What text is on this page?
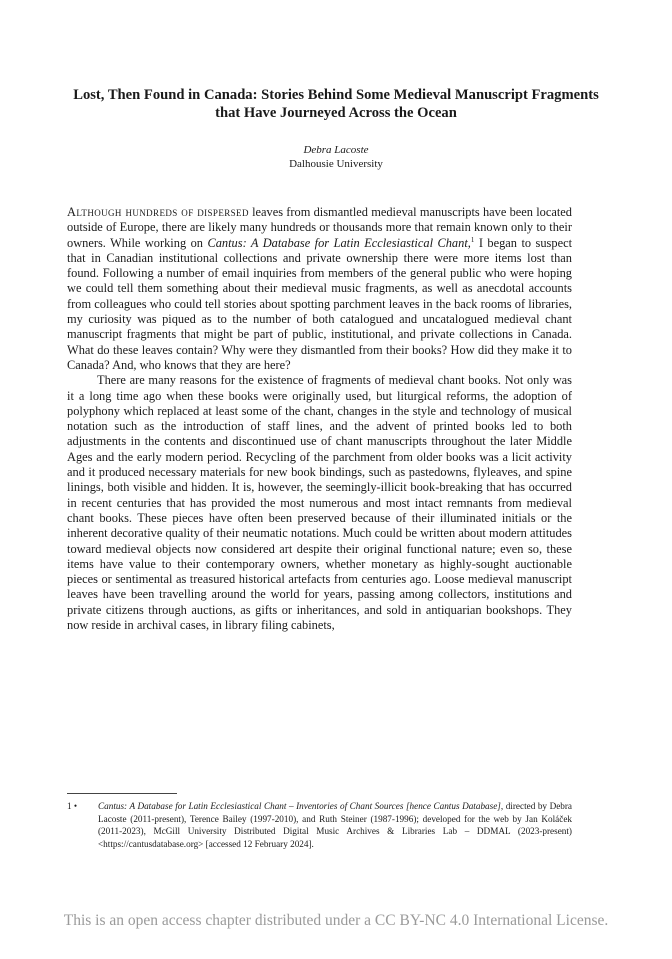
Lost, Then Found in Canada: Stories Behind Some Medieval Manuscript Fragments that Have Journeyed Across the Ocean
Debra Lacoste
Dalhousie University

Although hundreds of dispersed leaves from dismantled medieval manuscripts have been located outside of Europe, there are likely many hundreds or thousands more that remain known only to their owners. While working on Cantus: A Database for Latin Ecclesiastical Chant,$^1$ I began to suspect that in Canadian institutional collections and private ownership there were more items lost than found. Following a number of email inquiries from members of the general public who were hoping we could tell them something about their medieval music fragments, as well as anecdotal accounts from colleagues who could tell stories about spotting parchment leaves in the back rooms of libraries, my curiosity was piqued as to the number of both catalogued and uncatalogued medieval chant manuscript fragments that might be part of public, institutional, and private collections in Canada. What do these leaves contain? Why were they dismantled from their books? How did they make it to Canada? And, who knows that they are here?

There are many reasons for the existence of fragments of medieval chant books. Not only was it a long time ago when these books were originally used, but liturgical reforms, the adoption of polyphony which replaced at least some of the chant, changes in the style and technology of musical notation such as the introduction of staff lines, and the advent of printed books led to both adjustments in the contents and discontinued use of chant manuscripts throughout the later Middle Ages and the early modern period. Recycling of the parchment from older books was a licit activity and it produced necessary materials for new book bindings, such as pastedowns, flyleaves, and spine linings, both visible and hidden. It is, however, the seemingly-illicit book-breaking that has occurred in recent centuries that has provided the most numerous and most intact remnants from medieval chant books. These pieces have often been preserved because of their illuminated initials or the inherent decorative quality of their neumatic notations. Much could be written about modern attitudes toward medieval objects now considered art despite their original functional nature; even so, these items have value to their contemporary owners, whether monetary as highly-sought auctionable pieces or sentimental as treasured historical artefacts from centuries ago. Loose medieval manuscript leaves have been travelling around the world for years, passing among collectors, institutions and private citizens through auctions, as gifts or inheritances, and sold in antiquarian bookshops. They now reside in archival cases, in library filing cabinets,

1 •	Cantus: A Database for Latin Ecclesiastical Chant – Inventories of Chant Sources [hence Cantus Database], directed by Debra Lacoste (2011-present), Terence Bailey (1997-2010), and Ruth Steiner (1987-1996); developed for the web by Jan Koláček (2011-2023), McGill University Distributed Digital Music Archives & Libraries Lab – DDMAL (2023-present) <https://cantusdatabase.org> [accessed 12 February 2024].
This is an open access chapter distributed under a CC BY-NC 4.0 International License.
